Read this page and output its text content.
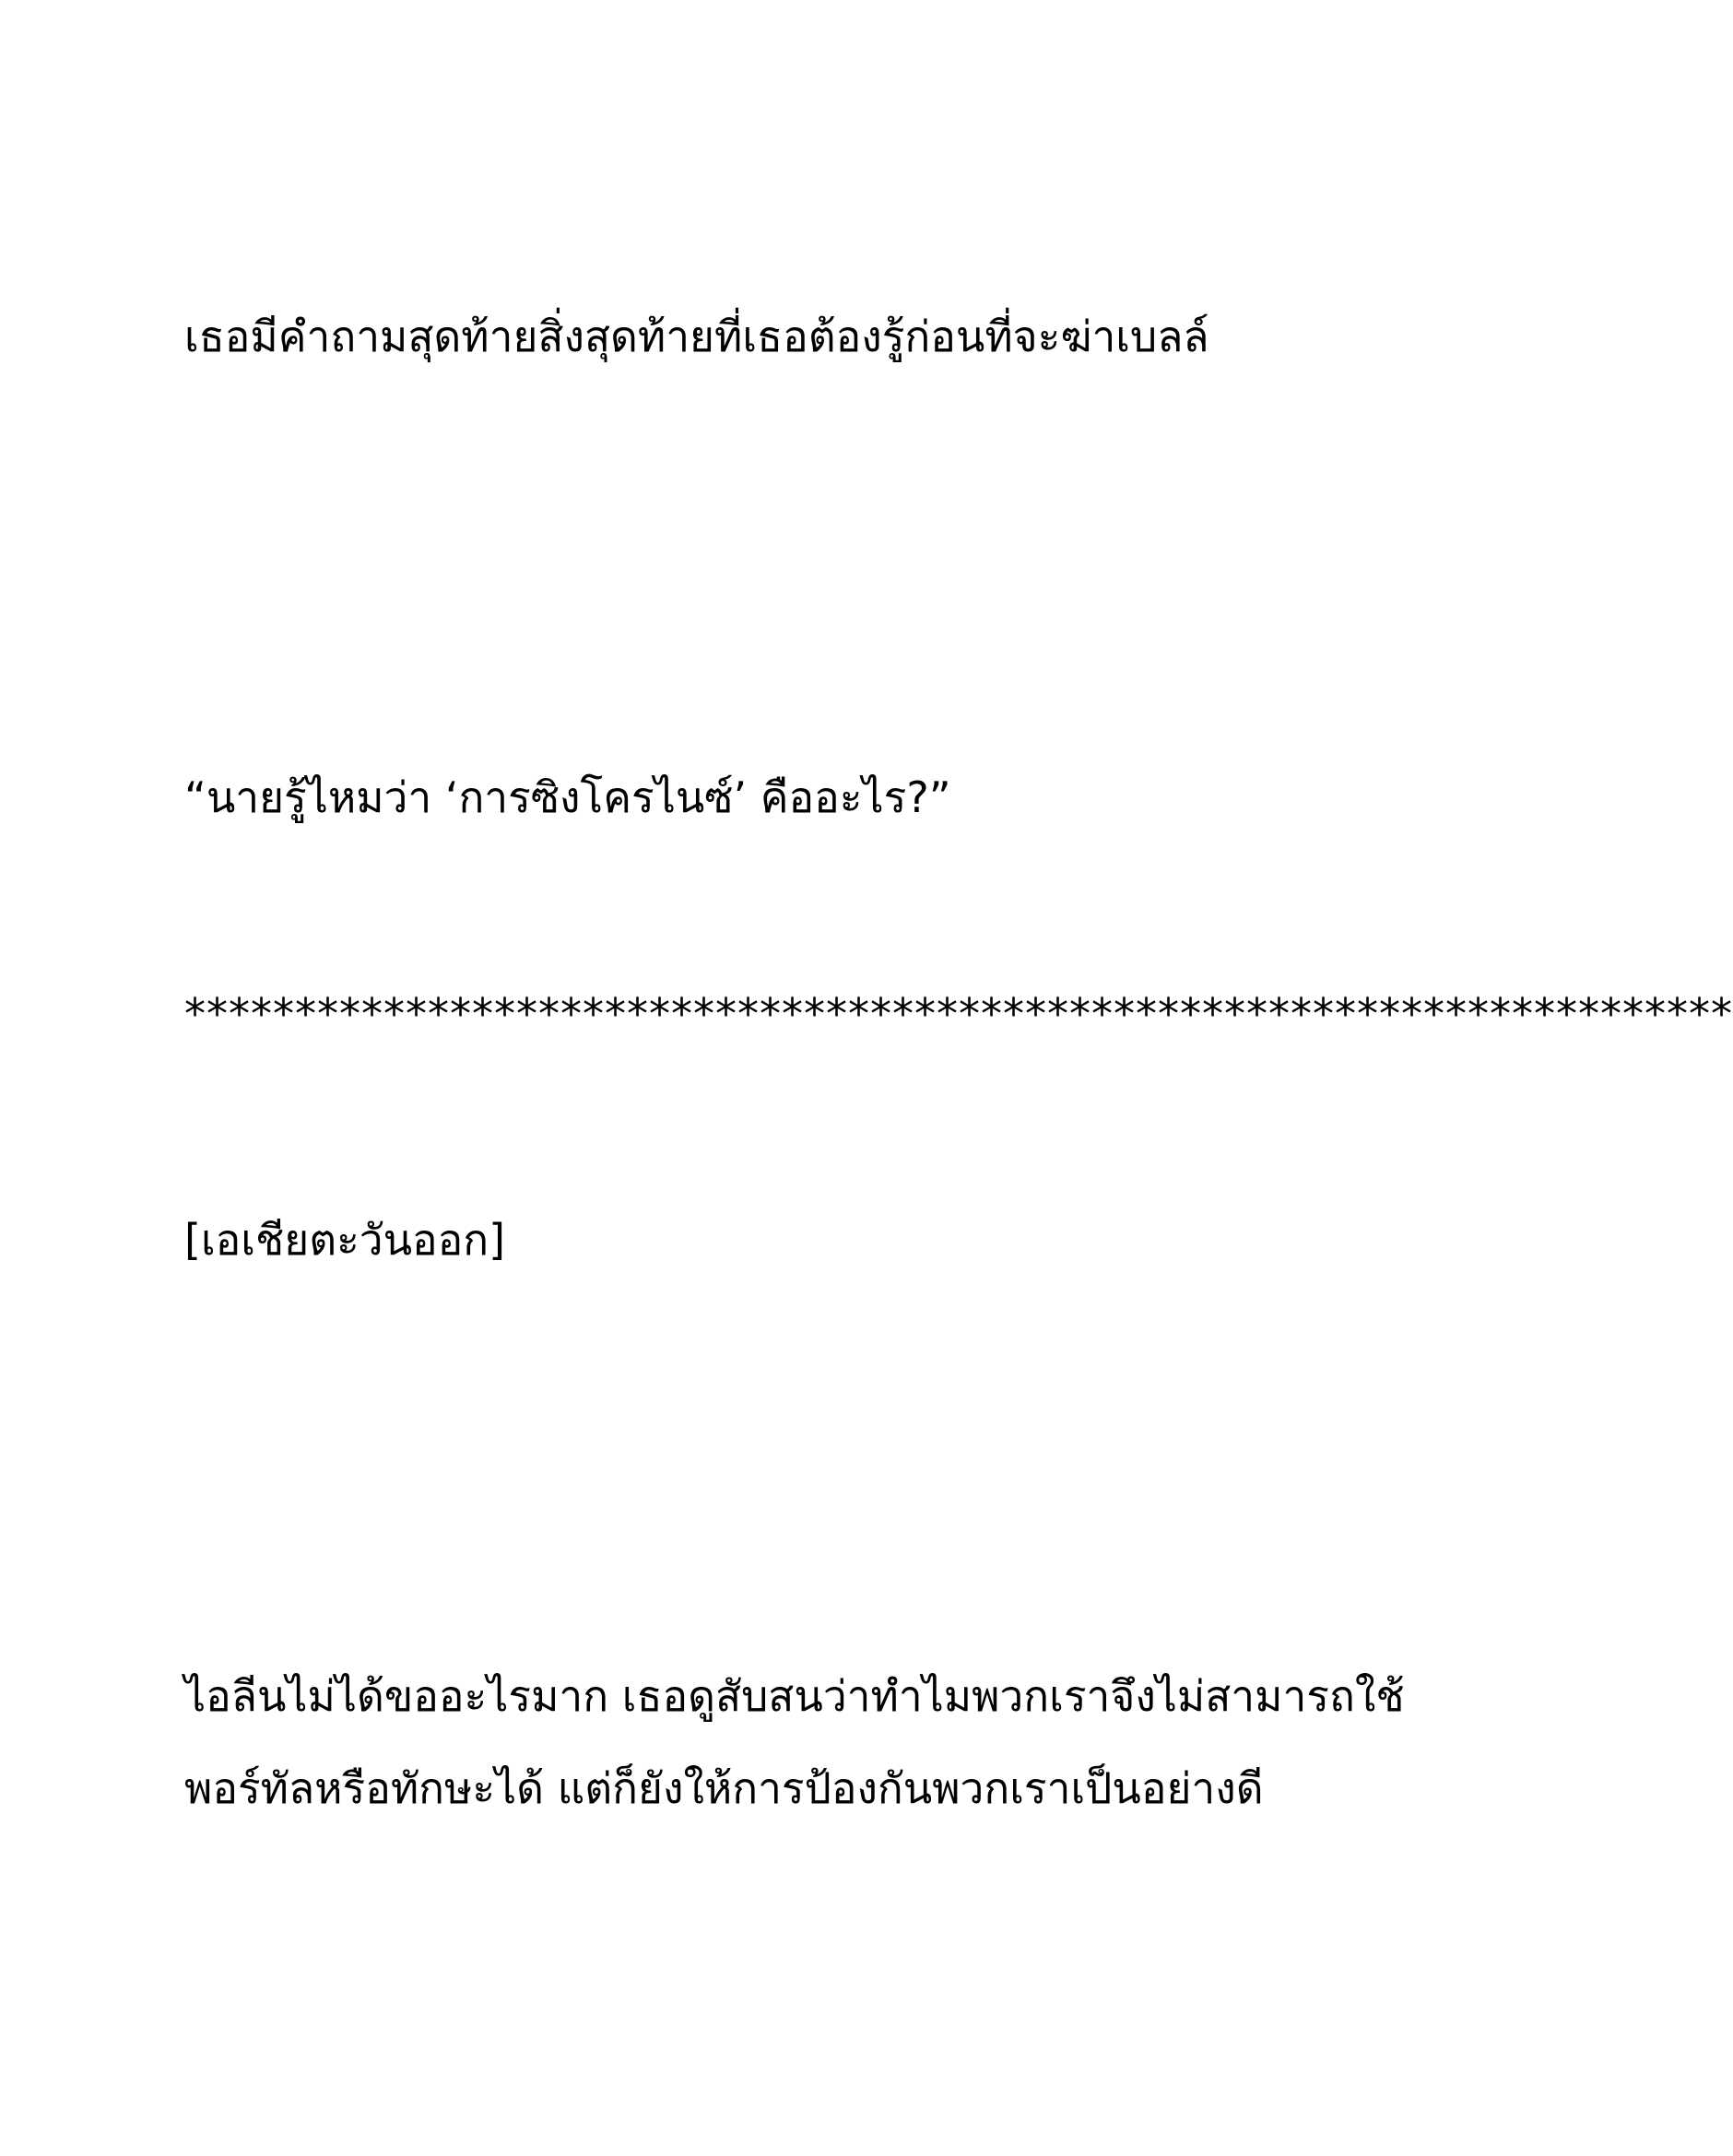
เธอมีคำถามสุดท้ายสิ่งสุดท้ายที่เธอต้องรู้ก่อนที่จะฆ่าเบลล์

“นายรู้ไหมว่า ‘การซิงโครไนซ์’ คืออะไร?”

**********************************************************************

[เอเชียตะวันออก]

ไอลีนไม่ได้ขออะไรมาก เธอดูสับสนว่าทำไมพวกเราจึงไม่สามารถใช้

พอร์ทัลหรือทักษะได้ แต่ก็ยังให้การป้องกันพวกเราเป็นอย่างดี
